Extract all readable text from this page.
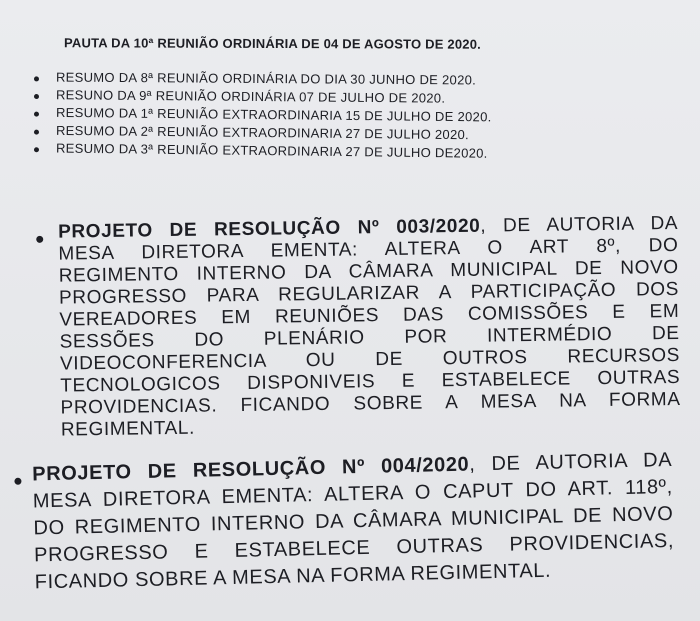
PAUTA DA 10ª REUNIÃO ORDINÁRIA DE 04 DE AGOSTO DE 2020.
RESUMO DA 8ª REUNIÃO ORDINÁRIA DO DIA 30 JUNHO DE 2020.
RESUNO DA 9ª REUNIÃO ORDINÁRIA 07 DE JULHO DE 2020.
RESUMO DA 1ª REUNIÃO EXTRAORDINARIA 15 DE JULHO DE 2020.
RESUMO DA 2ª REUNIÃO EXTRAORDINARIA 27 DE JULHO 2020.
RESUMO DA 3ª REUNIÃO EXTRAORDINARIA 27 DE JULHO DE2020.
PROJETO DE RESOLUÇÃO Nº 003/2020, DE AUTORIA DA
MESA DIRETORA EMENTA: ALTERA O ART 8º, DO
REGIMENTO INTERNO DA CÂMARA MUNICIPAL DE NOVO
PROGRESSO PARA REGULARIZAR A PARTICIPAÇÃO DOS
VEREADORES EM REUNIÕES DAS COMISSÕES E EM
SESSÕES DO PLENÁRIO POR INTERMÉDIO DE
VIDEOCONFERENCIA OU DE OUTROS RECURSOS
TECNOLOGICOS DISPONIVEIS E ESTABELECE OUTRAS
PROVIDENCIAS. FICANDO SOBRE A MESA NA FORMA
REGIMENTAL.
PROJETO DE RESOLUÇÃO Nº 004/2020, DE AUTORIA DA
MESA DIRETORA EMENTA: ALTERA O CAPUT DO ART. 118º,
DO REGIMENTO INTERNO DA CÂMARA MUNICIPAL DE NOVO
PROGRESSO E ESTABELECE OUTRAS PROVIDENCIAS,
FICANDO SOBRE A MESA NA FORMA REGIMENTAL.
